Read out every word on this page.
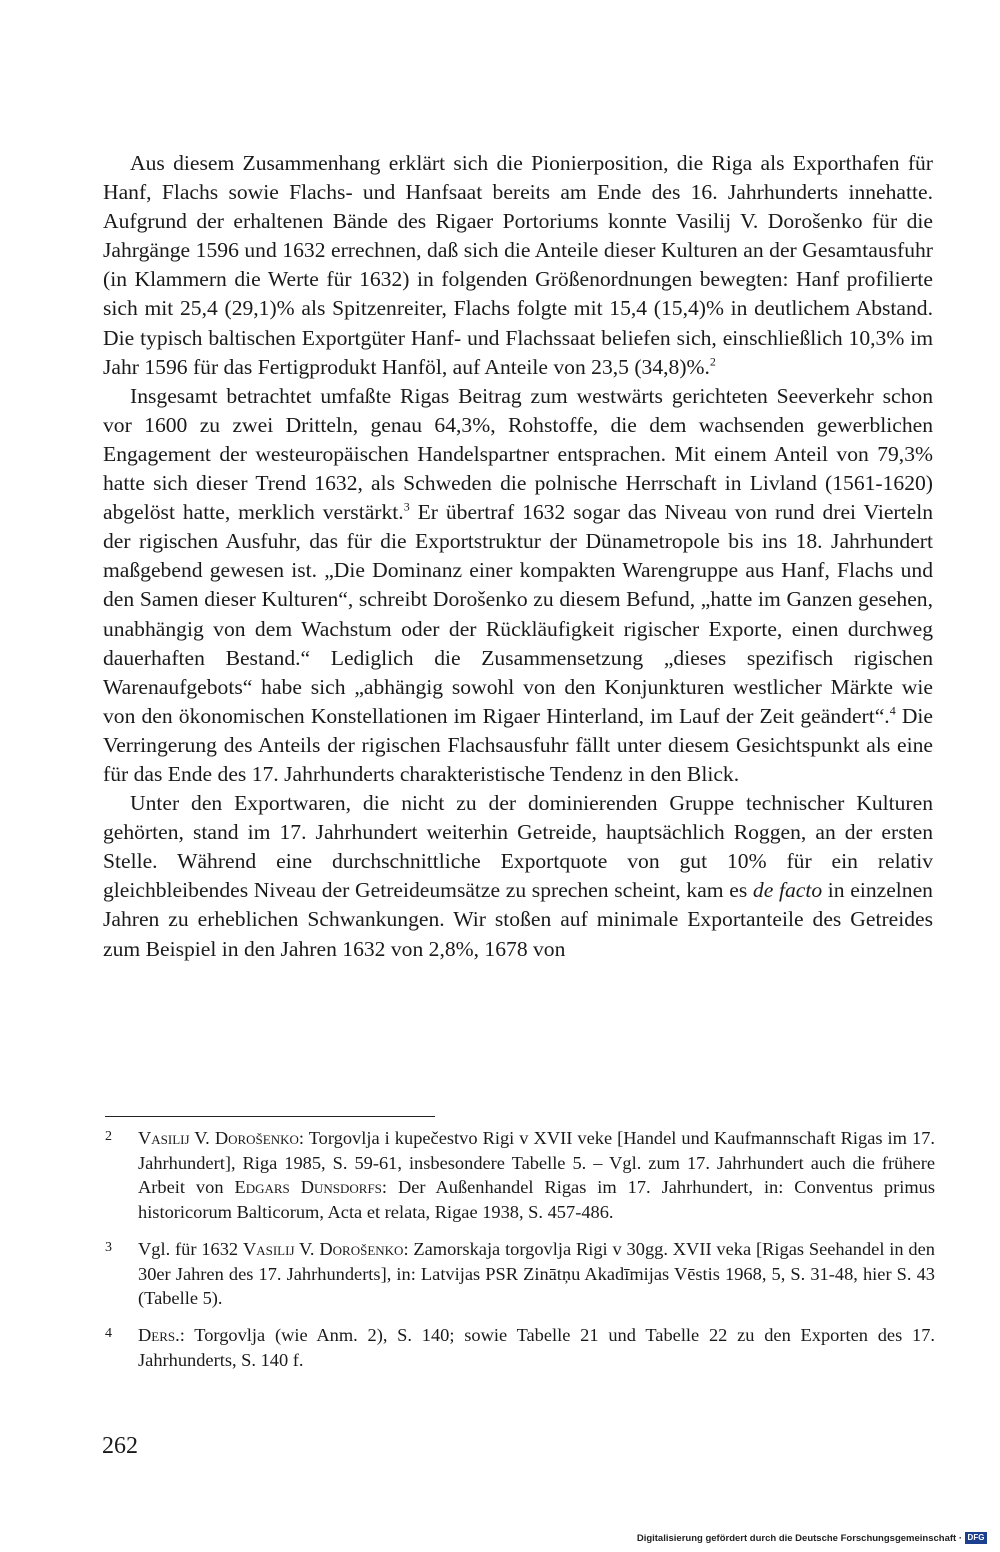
Aus diesem Zusammenhang erklärt sich die Pionierposition, die Riga als Exporthafen für Hanf, Flachs sowie Flachs- und Hanfsaat bereits am Ende des 16. Jahrhunderts innehatte. Aufgrund der erhaltenen Bände des Rigaer Portoriums konnte Vasilij V. Dorošenko für die Jahrgänge 1596 und 1632 errechnen, daß sich die Anteile dieser Kulturen an der Gesamtausfuhr (in Klammern die Werte für 1632) in folgenden Größenordnungen bewegten: Hanf profilierte sich mit 25,4 (29,1)% als Spitzenreiter, Flachs folgte mit 15,4 (15,4)% in deutlichem Abstand. Die typisch baltischen Exportgüter Hanf- und Flachssaat beliefen sich, einschließlich 10,3% im Jahr 1596 für das Fertigprodukt Hanföl, auf Anteile von 23,5 (34,8)%.$^2$

Insgesamt betrachtet umfaßte Rigas Beitrag zum westwärts gerichteten Seeverkehr schon vor 1600 zu zwei Dritteln, genau 64,3%, Rohstoffe, die dem wachsenden gewerblichen Engagement der westeuropäischen Handelspartner entsprachen. Mit einem Anteil von 79,3% hatte sich dieser Trend 1632, als Schweden die polnische Herrschaft in Livland (1561-1620) abgelöst hatte, merklich verstärkt.$^3$ Er übertraf 1632 sogar das Niveau von rund drei Vierteln der rigischen Ausfuhr, das für die Exportstruktur der Dünametropole bis ins 18. Jahrhundert maßgebend gewesen ist. „Die Dominanz einer kompakten Warengruppe aus Hanf, Flachs und den Samen dieser Kulturen“, schreibt Dorošenko zu diesem Befund, „hatte im Ganzen gesehen, unabhängig von dem Wachstum oder der Rückläufigkeit rigischer Exporte, einen durchweg dauerhaften Bestand.“ Lediglich die Zusammensetzung „dieses spezifisch rigischen Warenaufgebots“ habe sich „abhängig sowohl von den Konjunkturen westlicher Märkte wie von den ökonomischen Konstellationen im Rigaer Hinterland, im Lauf der Zeit geändert“.$^4$ Die Verringerung des Anteils der rigischen Flachsausfuhr fällt unter diesem Gesichtspunkt als eine für das Ende des 17. Jahrhunderts charakteristische Tendenz in den Blick.

Unter den Exportwaren, die nicht zu der dominierenden Gruppe technischer Kulturen gehörten, stand im 17. Jahrhundert weiterhin Getreide, hauptsächlich Roggen, an der ersten Stelle. Während eine durchschnittliche Exportquote von gut 10% für ein relativ gleichbleibendes Niveau der Getreideumsätze zu sprechen scheint, kam es de facto in einzelnen Jahren zu erheblichen Schwankungen. Wir stoßen auf minimale Exportanteile des Getreides zum Beispiel in den Jahren 1632 von 2,8%, 1678 von

2 Vasilij V. Dorošenko: Torgovlja i kupečestvo Rigi v XVII veke [Handel und Kaufmannschaft Rigas im 17. Jahrhundert], Riga 1985, S. 59-61, insbesondere Tabelle 5. – Vgl. zum 17. Jahrhundert auch die frühere Arbeit von Edgars Dunsdorfs: Der Außenhandel Rigas im 17. Jahrhundert, in: Conventus primus historicorum Balticorum, Acta et relata, Rigae 1938, S. 457-486.
3 Vgl. für 1632 Vasilij V. Dorošenko: Zamorskaja torgovlja Rigi v 30gg. XVII veka [Rigas Seehandel in den 30er Jahren des 17. Jahrhunderts], in: Latvijas PSR Zinātņu Akadīmijas Vēstis 1968, 5, S. 31-48, hier S. 43 (Tabelle 5).
4 Ders.: Torgovlja (wie Anm. 2), S. 140; sowie Tabelle 21 und Tabelle 22 zu den Exporten des 17. Jahrhunderts, S. 140 f.
262
Digitalisierung gefördert durch die Deutsche Forschungsgemeinschaft · DFG
